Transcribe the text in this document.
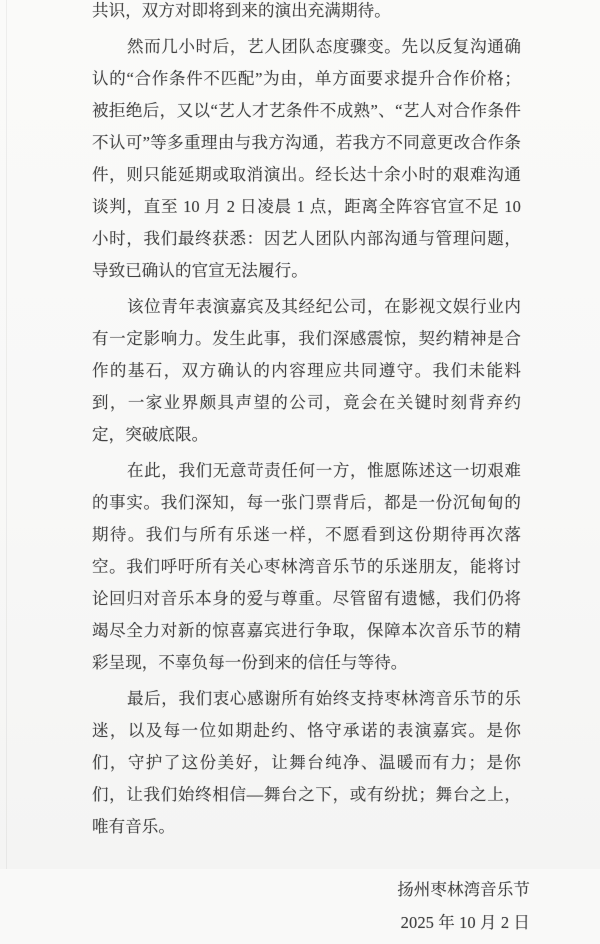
共识，双方对即将到来的演出充满期待。

然而几小时后，艺人团队态度骤变。先以反复沟通确认的“合作条件不匹配”为由，单方面要求提升合作价格；被拒绝后，又以“艺人才艺条件不成熟”、“艺人对合作条件不认可”等多重理由与我方沟通，若我方不同意更改合作条件，则只能延期或取消演出。经长达十余小时的艰难沟通谈判，直至 10 月 2 日凌晨 1 点，距离全阵容官宣不足 10 小时，我们最终获悉：因艺人团队内部沟通与管理问题，导致已确认的官宣无法履行。

该位青年表演嘉宾及其经纪公司，在影视文娱行业内有一定影响力。发生此事，我们深感震惊，契约精神是合作的基石，双方确认的内容理应共同遵守。我们未能料到，一家业界颇具声望的公司，竟会在关键时刻背弃约定，突破底限。

在此，我们无意苛责任何一方，惟愿陈述这一切艰难的事实。我们深知，每一张门票背后，都是一份沉甸甸的期待。我们与所有乐迷一样，不愿看到这份期待再次落空。我们呼吁所有关心枣林湾音乐节的乐迷朋友，能将讨论回归对音乐本身的爱与尊重。尽管留有遗憾，我们仍将竭尽全力对新的惊喜嘉宾进行争取，保障本次音乐节的精彩呈现，不辜负每一份到来的信任与等待。

最后，我们衷心感谢所有始终支持枣林湾音乐节的乐迷，以及每一位如期赴约、恪守承诺的表演嘉宾。是你们，守护了这份美好，让舞台纯净、温暖而有力；是你们，让我们始终相信—舞台之下，或有纷扰；舞台之上，唯有音乐。

扬州枣林湾音乐节

2025 年 10 月 2 日
